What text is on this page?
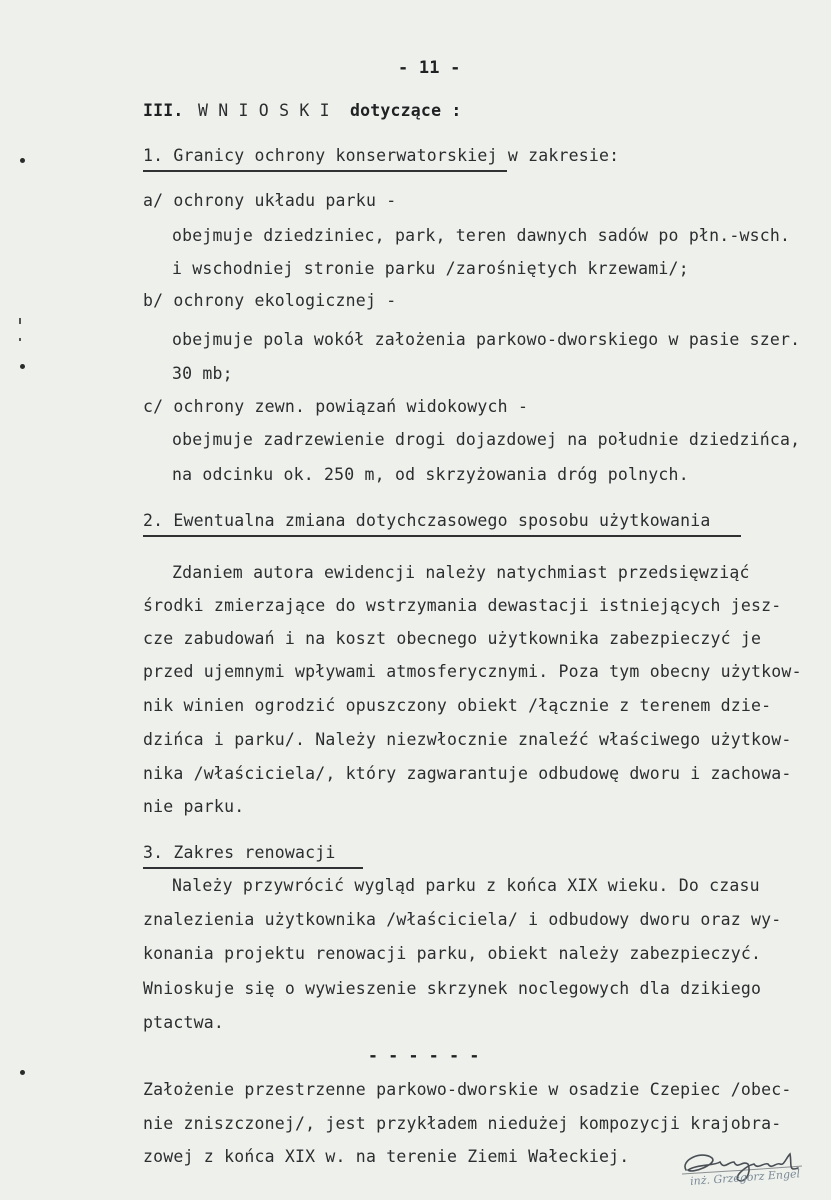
- 11 -
III. W N I O S K I dotyczące :
1. Granicy ochrony konserwatorskiej w zakresie:
a/ ochrony układu parku -
obejmuje dziedziniec, park, teren dawnych sadów po płn.-wsch.
i wschodniej stronie parku /zarośniętych krzewami/;
b/ ochrony ekologicznej -
obejmuje pola wokół założenia parkowo-dworskiego w pasie szer.
30 mb;
c/ ochrony zewn. powiązań widokowych -
obejmuje zadrzewienie drogi dojazdowej na południe dziedzińca,
na odcinku ok. 250 m, od skrzyżowania dróg polnych.
2. Ewentualna zmiana dotychczasowego sposobu użytkowania
Zdaniem autora ewidencji należy natychmiast przedsięwziąć
środki zmierzające do wstrzymania dewastacji istniejących jesz-
cze zabudowań i na koszt obecnego użytkownika zabezpieczyć je
przed ujemnymi wpływami atmosferycznymi. Poza tym obecny użytkow-
nik winien ogrodzić opuszczony obiekt /łącznie z terenem dzie-
dzińca i parku/. Należy niezwłocznie znaleźć właściwego użytkow-
nika /właściciela/, który zagwarantuje odbudowę dworu i zachowa-
nie parku.
3. Zakres renowacji
Należy przywrócić wygląd parku z końca XIX wieku. Do czasu
znalezienia użytkownika /właściciela/ i odbudowy dworu oraz wy-
konania projektu renowacji parku, obiekt należy zabezpieczyć.
Wnioskuje się o wywieszenie skrzynek noclegowych dla dzikiego
ptactwa.
- - - - - -
Założenie przestrzenne parkowo-dworskie w osadzie Czepiec /obec-
nie zniszczonej/, jest przykładem niedużej kompozycji krajobra-
zowej z końca XIX w. na terenie Ziemi Wałeckiej.
inż. Grzegorz Engel
